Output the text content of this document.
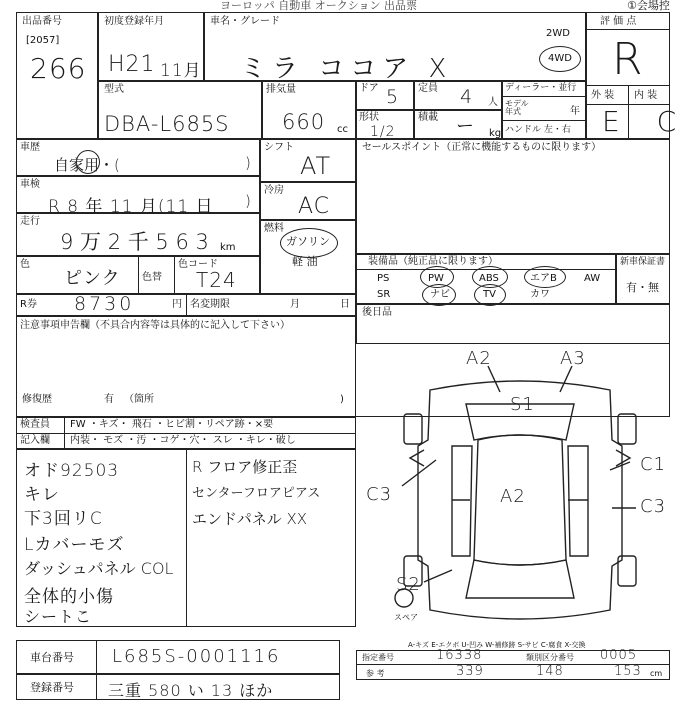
ヨーロッパ 自動車 オークション 出品票	①会場控
出品番号
[2057]
266
初度登録年月
H21 11月
車名・グレード
ミラ ココア X
2WD
4WD
評 価 点
R
外 装 内 装
E C
型式
DBA-L685S
排気量
660 cc
ドア 5 定員 4 人
ディーラー・並行
モデル年式	年
ハンドル 左・右
形状
1/2
積載 ー kg
車歴
自家用・(	)
車検
R 8 年 11 月(11 日 )
走行
9 万 2 千 5 6 3 km
色
ピンク 色替
色コード
T24
R券 8730	円 名変期限	月	日
注意事項申告欄（不具合内容等は具体的に記入して下さい）
修復歴	有 （箇所	)
シフト
AT
冷房
AC
燃料
ガソリン
軽 油
セールスポイント（正常に機能するものに限ります）
装備品（純正品に限ります）
PS	PW	ABS	エアB	AW
SR	ナビ	TV	カワ
新車保証書
有・無
後日品
検査員
記入欄
FW ・キズ・ 飛石 ・ヒビ割・リペア跡・×要
内装・ モズ ・汚 ・コゲ・穴・ スレ ・キレ・破し
オド92503
キレ
下3回リC
Lカバーモズ
ダッシュパネル COL
全体的小傷
シートこ
R フロア修正歪
センターフロアピアス
エンドパネル XX
A2	A3
S1
C1
C3	A2	C3
S2
スペア
A-キズ E-エクボ U-凹み W-補修跡 S-サビ C-腐食 X-交換
指定番号	16338	類別区分番号 0005
参 考	339	148	153 cm
車台番号 L685S-0001116
登録番号 三重 580 い 13 ほか
